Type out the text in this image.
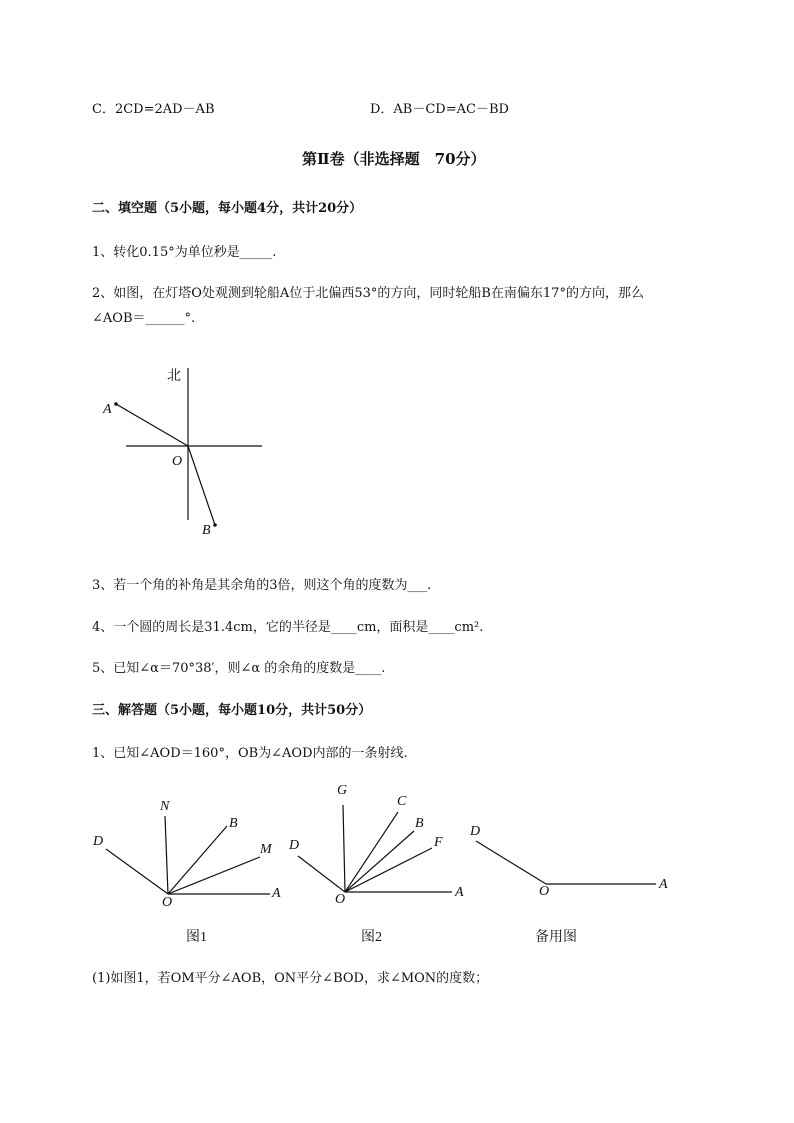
C．2CD=2AD－AB	D．AB－CD=AC－BD
第Ⅱ卷（非选择题　70分）
二、填空题（5小题，每小题4分，共计20分）
1、转化0.15°为单位秒是_____.
2、如图，在灯塔O处观测到轮船A位于北偏西53°的方向，同时轮船B在南偏东17°的方向，那么
∠AOB＝______°.
北
A
O
B
3、若一个角的补角是其余角的3倍，则这个角的度数为___.
4、一个圆的周长是31.4cm，它的半径是____cm，面积是____cm².
5、已知∠α＝70°38′，则∠α 的余角的度数是____.
三、解答题（5小题，每小题10分，共计50分）
1、已知∠AOD＝160°，OB为∠AOD内部的一条射线.
D
N
B
M
O
A
图1
G
C
B
F
D
O	A
图2
D
O	A
备用图
(1)如图1，若OM平分∠AOB，ON平分∠BOD，求∠MON的度数；
